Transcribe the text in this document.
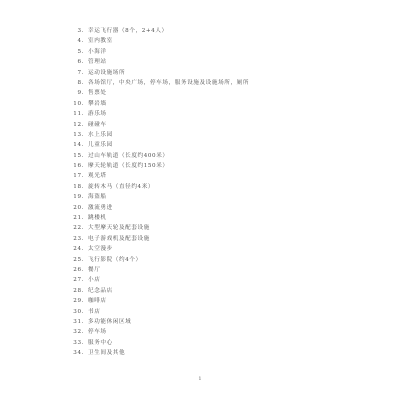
3. 幸运飞行器（8个，2+4人）
4. 室内教室
5. 小海洋
6. 管理站
7. 运动设施场所
8. 各场馆厅，中央广场，停车场，服务设施及设施场所，厕所
9. 售票处
10. 攀岩墙
11. 游乐场
12. 碰碰车
13. 水上乐园
14. 儿童乐园
15. 过山车轨道（长度约400米）
16. 摩天轮轨道（长度约150米）
17. 观光塔
18. 旋转木马（直径约4米）
19. 海盗船
20. 激流勇进
21. 跳楼机
22. 大型摩天轮及配套设施
23. 电子游戏机及配套设施
24. 太空漫步
25. 飞行影院（约4个）
26. 餐厅
27. 小店
28. 纪念品店
29. 咖啡店
30. 书店
31. 多功能休闲区域
32. 停车场
33. 服务中心
34. 卫生间及其他
1
